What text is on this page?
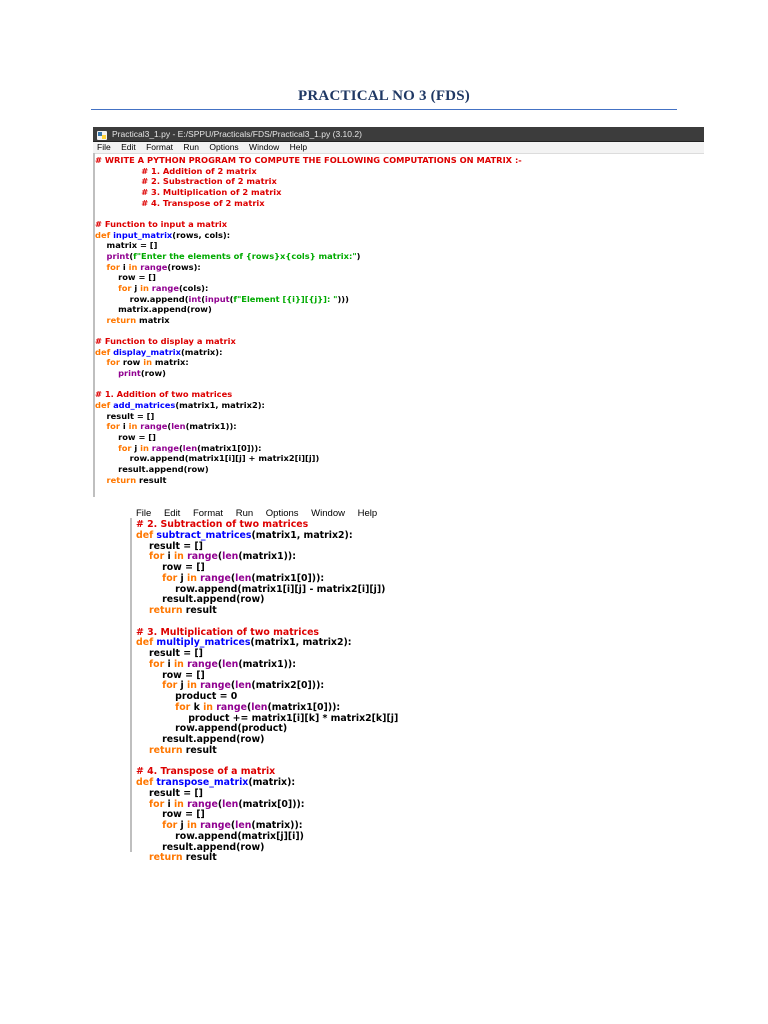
PRACTICAL NO 3 (FDS)
Practical3_1.py - E:/SPPU/Practicals/FDS/Practical3_1.py (3.10.2)
File Edit Format Run Options Window Help
# WRITE A PYTHON PROGRAM TO COMPUTE THE FOLLOWING COMPUTATIONS ON MATRIX :-
# 1. Addition of 2 matrix
# 2. Substraction of 2 matrix
# 3. Multiplication of 2 matrix
# 4. Transpose of 2 matrix
# Function to input a matrix
def input_matrix(rows, cols):
matrix = []
print(f"Enter the elements of {rows}x{cols} matrix:")
for i in range(rows):
row = []
for j in range(cols):
row.append(int(input(f"Element [{i}][{j}]: ")))
matrix.append(row)
return matrix
# Function to display a matrix
def display_matrix(matrix):
for row in matrix:
print(row)
# 1. Addition of two matrices
def add_matrices(matrix1, matrix2):
result = []
for i in range(len(matrix1)):
row = []
for j in range(len(matrix1[0])):
row.append(matrix1[i][j] + matrix2[i][j])
result.append(row)
return result
File Edit Format Run Options Window Help
# 2. Subtraction of two matrices
def subtract_matrices(matrix1, matrix2):
result = []
for i in range(len(matrix1)):
row = []
for j in range(len(matrix1[0])):
row.append(matrix1[i][j] - matrix2[i][j])
result.append(row)
return result
# 3. Multiplication of two matrices
def multiply_matrices(matrix1, matrix2):
result = []
for i in range(len(matrix1)):
row = []
for j in range(len(matrix2[0])):
product = 0
for k in range(len(matrix1[0])):
product += matrix1[i][k] * matrix2[k][j]
row.append(product)
result.append(row)
return result
# 4. Transpose of a matrix
def transpose_matrix(matrix):
result = []
for i in range(len(matrix[0])):
row = []
for j in range(len(matrix)):
row.append(matrix[j][i])
result.append(row)
return result
